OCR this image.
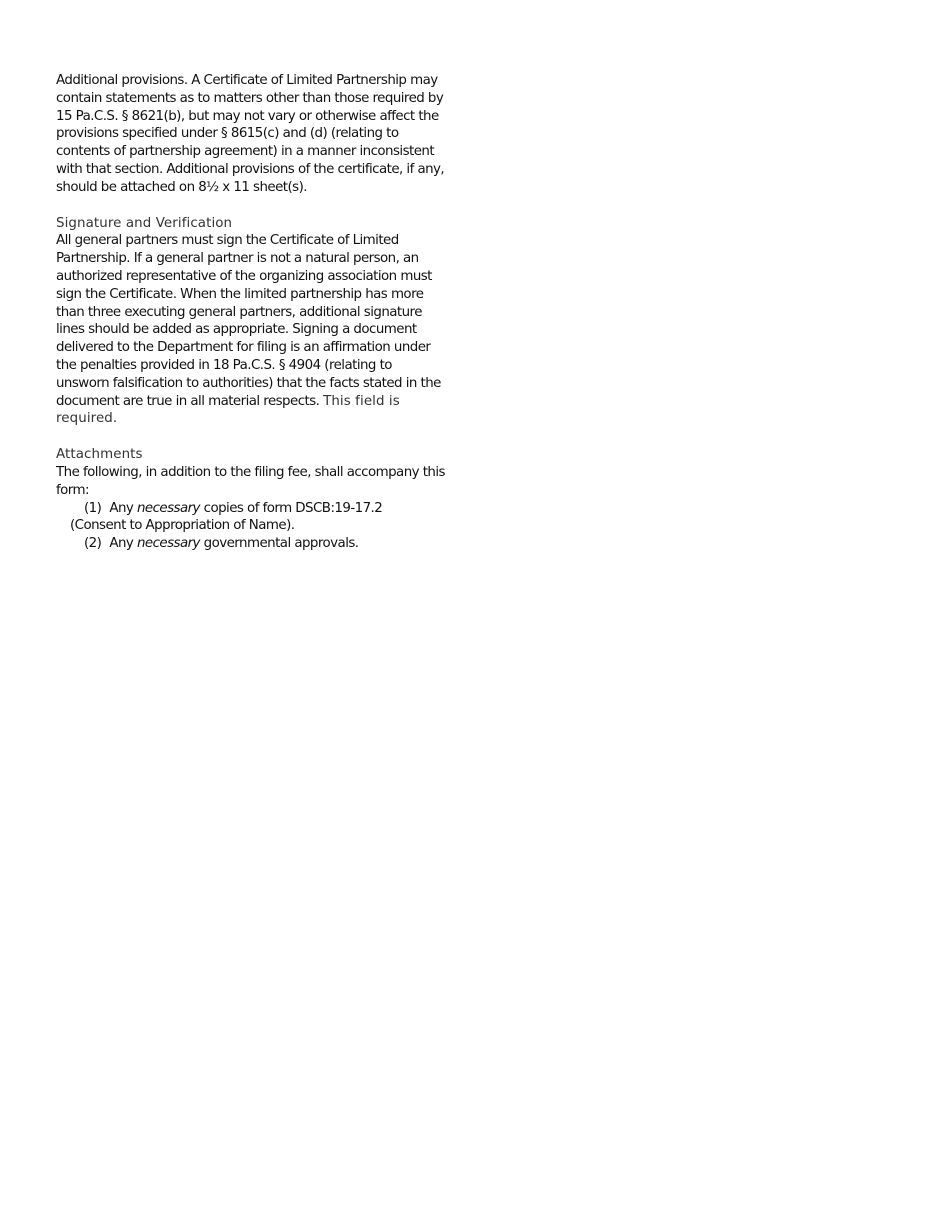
Additional provisions. A Certificate of Limited Partnership may contain statements as to matters other than those required by 15 Pa.C.S. § 8621(b), but may not vary or otherwise affect the provisions specified under § 8615(c) and (d) (relating to contents of partnership agreement) in a manner inconsistent with that section. Additional provisions of the certificate, if any, should be attached on 8½ x 11 sheet(s).

Signature and Verification

All general partners must sign the Certificate of Limited Partnership. If a general partner is not a natural person, an authorized representative of the organizing association must sign the Certificate. When the limited partnership has more than three executing general partners, additional signature lines should be added as appropriate. Signing a document delivered to the Department for filing is an affirmation under the penalties provided in 18 Pa.C.S. § 4904 (relating to unsworn falsification to authorities) that the facts stated in the document are true in all material respects. This field is required.

Attachments

The following, in addition to the filing fee, shall accompany this form:

(1) Any necessary copies of form DSCB:19-17.2
(Consent to Appropriation of Name).

(2) Any necessary governmental approvals.
